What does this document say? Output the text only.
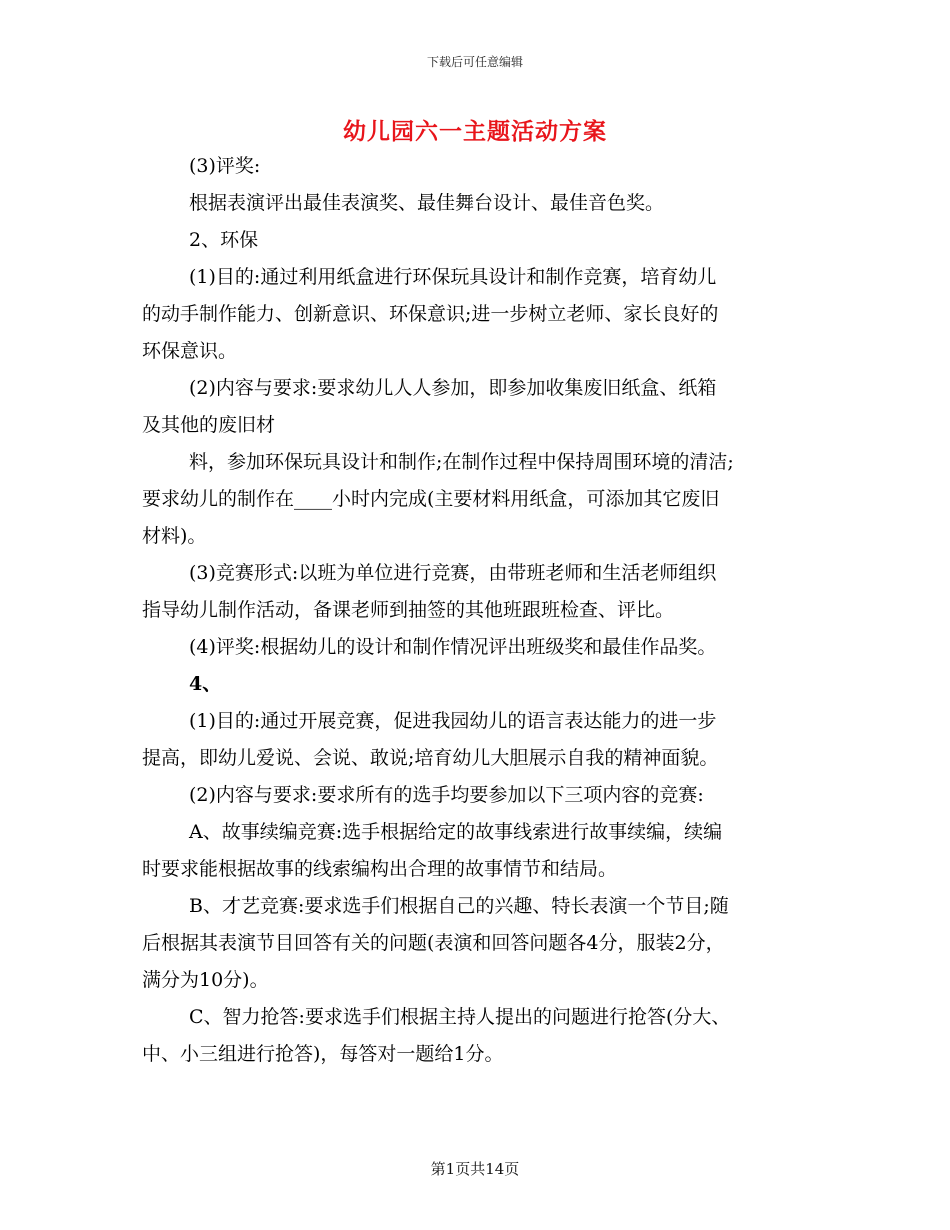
下载后可任意编辑
幼儿园六一主题活动方案
(3)评奖:
根据表演评出最佳表演奖、最佳舞台设计、最佳音色奖。
2、环保
(1)目的:通过利用纸盒进行环保玩具设计和制作竞赛，培育幼儿
的动手制作能力、创新意识、环保意识;进一步树立老师、家长良好的
环保意识。
(2)内容与要求:要求幼儿人人参加，即参加收集废旧纸盒、纸箱
及其他的废旧材
料，参加环保玩具设计和制作;在制作过程中保持周围环境的清洁;
要求幼儿的制作在____小时内完成(主要材料用纸盒，可添加其它废旧
材料)。
(3)竞赛形式:以班为单位进行竞赛，由带班老师和生活老师组织
指导幼儿制作活动，备课老师到抽签的其他班跟班检查、评比。
(4)评奖:根据幼儿的设计和制作情况评出班级奖和最佳作品奖。
4、
(1)目的:通过开展竞赛，促进我园幼儿的语言表达能力的进一步
提高，即幼儿爱说、会说、敢说;培育幼儿大胆展示自我的精神面貌。
(2)内容与要求:要求所有的选手均要参加以下三项内容的竞赛:
A、故事续编竞赛:选手根据给定的故事线索进行故事续编，续编
时要求能根据故事的线索编构出合理的故事情节和结局。
B、才艺竞赛:要求选手们根据自己的兴趣、特长表演一个节目;随
后根据其表演节目回答有关的问题(表演和回答问题各4分，服装2分，
满分为10分)。
C、智力抢答:要求选手们根据主持人提出的问题进行抢答(分大、
中、小三组进行抢答)，每答对一题给1分。
第1页共14页
